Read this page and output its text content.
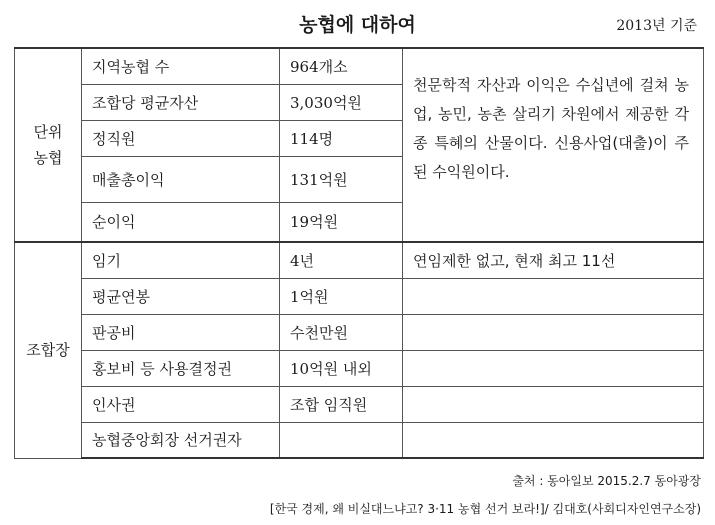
농협에 대하여	2013년 기준
단위
농협	지역농협 수	964개소	천문학적 자산과 이익은 수십년에 걸쳐 농업, 농민, 농촌 살리기 차원에서 제공한 각종 특혜의 산물이다. 신용사업(대출)이 주된 수익원이다.
	조합당 평균자산	3,030억원	
	정직원	114명	
	매출총이익	131억원	
	순이익	19억원	
조합장	임기	4년	연임제한 없고, 현재 최고 11선
	평균연봉	1억원	
	판공비	수천만원	
	홍보비 등 사용결정권	10억원 내외	
	인사권	조합 임직원	
	농협중앙회장 선거권자		
출처 : 동아일보 2015.2.7 동아광장
[한국 경제, 왜 비실대느냐고? 3·11 농협 선거 보라!]/ 김대호(사회디자인연구소장)
